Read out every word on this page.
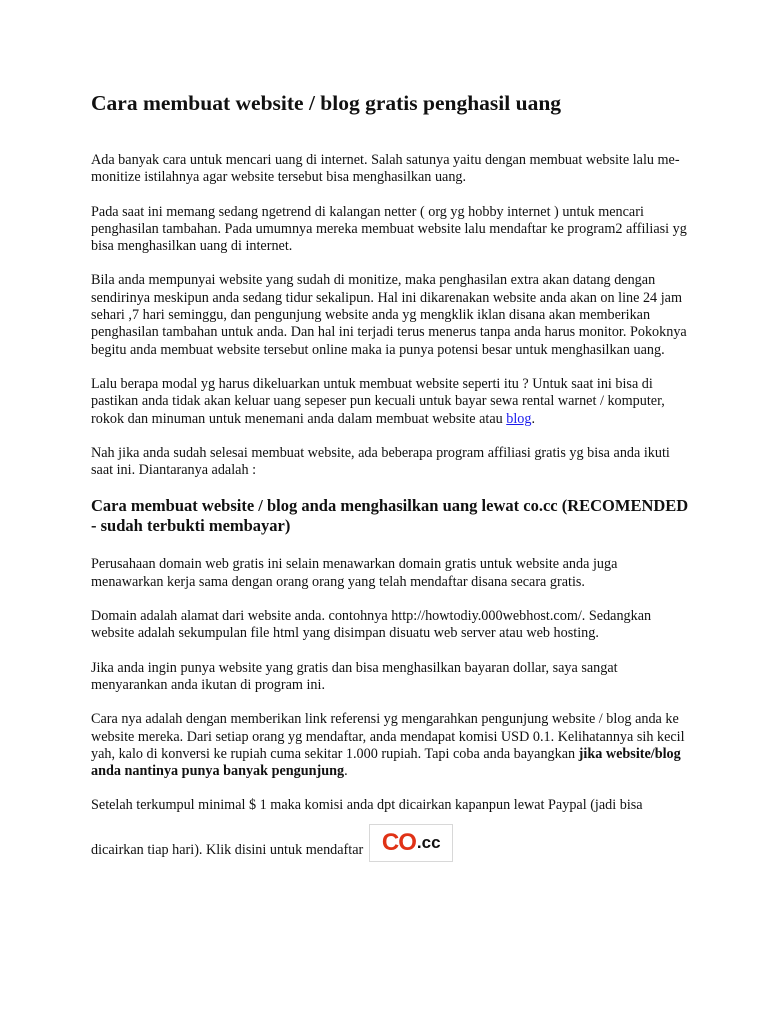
Cara membuat website / blog gratis penghasil uang

Ada banyak cara untuk mencari uang di internet. Salah satunya yaitu dengan membuat website lalu me-monitize istilahnya agar website tersebut bisa menghasilkan uang.

Pada saat ini memang sedang ngetrend di kalangan netter ( org yg hobby internet ) untuk mencari penghasilan tambahan. Pada umumnya mereka membuat website lalu mendaftar ke program2 affiliasi yg bisa menghasilkan uang di internet.

Bila anda mempunyai website yang sudah di monitize, maka penghasilan extra akan datang dengan sendirinya meskipun anda sedang tidur sekalipun. Hal ini dikarenakan website anda akan on line 24 jam sehari ,7 hari seminggu, dan pengunjung website anda yg mengklik iklan disana akan memberikan penghasilan tambahan untuk anda. Dan hal ini terjadi terus menerus tanpa anda harus monitor. Pokoknya begitu anda membuat website tersebut online maka ia punya potensi besar untuk menghasilkan uang.

Lalu berapa modal yg harus dikeluarkan untuk membuat website seperti itu ? Untuk saat ini bisa di pastikan anda tidak akan keluar uang sepeser pun kecuali untuk bayar sewa rental warnet / komputer, rokok dan minuman untuk menemani anda dalam membuat website atau blog.

Nah jika anda sudah selesai membuat website, ada beberapa program affiliasi gratis yg bisa anda ikuti saat ini. Diantaranya adalah :

Cara membuat website / blog anda menghasilkan uang lewat co.cc (RECOMENDED - sudah terbukti membayar)

Perusahaan domain web gratis ini selain menawarkan domain gratis untuk website anda juga menawarkan kerja sama dengan orang orang yang telah mendaftar disana secara gratis.

Domain adalah alamat dari website anda. contohnya http://howtodiy.000webhost.com/. Sedangkan website adalah sekumpulan file html yang disimpan disuatu web server atau web hosting.

Jika anda ingin punya website yang gratis dan bisa menghasilkan bayaran dollar, saya sangat menyarankan anda ikutan di program ini.

Cara nya adalah dengan memberikan link referensi yg mengarahkan pengunjung website / blog anda ke website mereka. Dari setiap orang yg mendaftar, anda mendapat komisi USD 0.1. Kelihatannya sih kecil yah, kalo di konversi ke rupiah cuma sekitar 1.000 rupiah. Tapi coba anda bayangkan jika website/blog anda nantinya punya banyak pengunjung.

Setelah terkumpul minimal $ 1 maka komisi anda dpt dicairkan kapanpun lewat Paypal (jadi bisa

dicairkan tiap hari). Klik disini untuk mendaftar CO .cc
